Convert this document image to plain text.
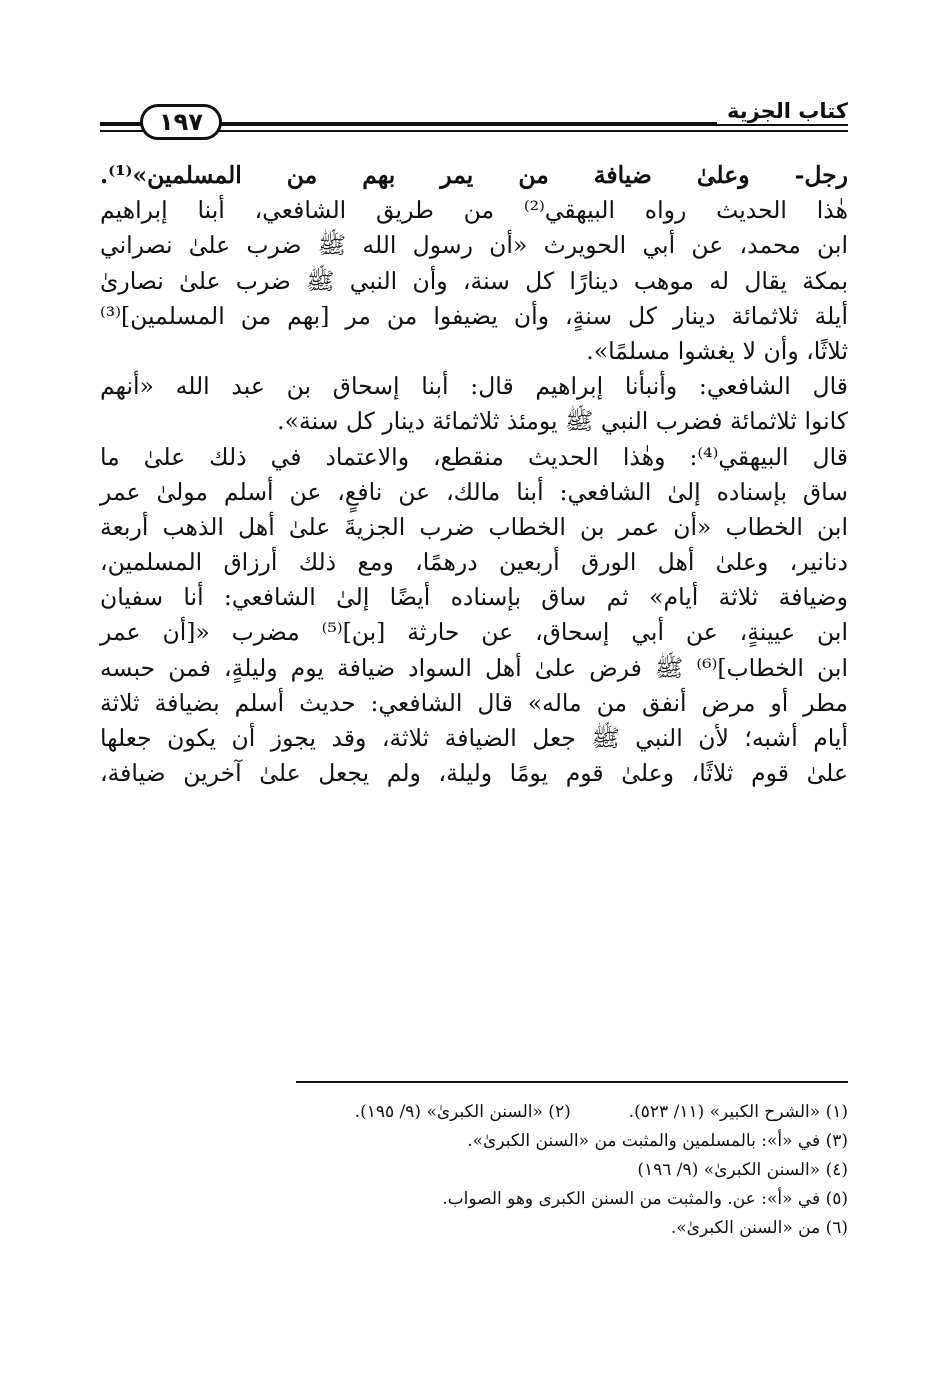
١٩٧	كتاب الجزية
رجل- وعلىٰ ضيافة من يمر بهم من المسلمين»⁽¹⁾.
هٰذا الحديث رواه البيهقي⁽²⁾ من طريق الشافعي، أبنا إبراهيم
ابن محمد، عن أبي الحويرث «أن رسول الله ﷺ ضرب علىٰ نصراني
بمكة يقال له موهب دينارًا كل سنة، وأن النبي ﷺ ضرب علىٰ نصارىٰ
أيلة ثلاثمائة دينار كل سنةٍ، وأن يضيفوا من مر [بهم من المسلمين]⁽³⁾
ثلاثًا، وأن لا يغشوا مسلمًا».
قال الشافعي: وأنبأنا إبراهيم قال: أبنا إسحاق بن عبد الله «أنهم
كانوا ثلاثمائة فضرب النبي ﷺ يومئذ ثلاثمائة دينار كل سنة».
قال البيهقي⁽⁴⁾: وهٰذا الحديث منقطع، والاعتماد في ذلك علىٰ ما
ساق بإسناده إلىٰ الشافعي: أبنا مالك، عن نافعٍ، عن أسلم مولىٰ عمر
ابن الخطاب «أن عمر بن الخطاب ضرب الجزيةَ علىٰ أهل الذهب أربعة
دنانير، وعلىٰ أهل الورق أربعين درهمًا، ومع ذلك أرزاق المسلمين،
وضيافة ثلاثة أيام» ثم ساق بإسناده أيضًا إلىٰ الشافعي: أنا سفيان
ابن عيينةٍ، عن أبي إسحاق، عن حارثة [بن]⁽⁵⁾ مضرب «[أن عمر
ابن الخطاب]⁽⁶⁾ ﷺ فرض علىٰ أهل السواد ضيافة يوم وليلةٍ، فمن حبسه
مطر أو مرض أنفق من ماله» قال الشافعي: حديث أسلم بضيافة ثلاثة
أيام أشبه؛ لأن النبي ﷺ جعل الضيافة ثلاثة، وقد يجوز أن يكون جعلها
علىٰ قوم ثلاثًا، وعلىٰ قوم يومًا وليلة، ولم يجعل علىٰ آخرين ضيافة،
(١) «الشرح الكبير» (١١/ ٥٢٣).(٢) «السنن الكبرىٰ» (٩/ ١٩٥).
(٣) في «أ»: بالمسلمين والمثبت من «السنن الكبرىٰ».
(٤) «السنن الكبرىٰ» (٩/ ١٩٦)
(٥) في «أ»: عن. والمثبت من السنن الكبرى وهو الصواب.
(٦) من «السنن الكبرىٰ».
